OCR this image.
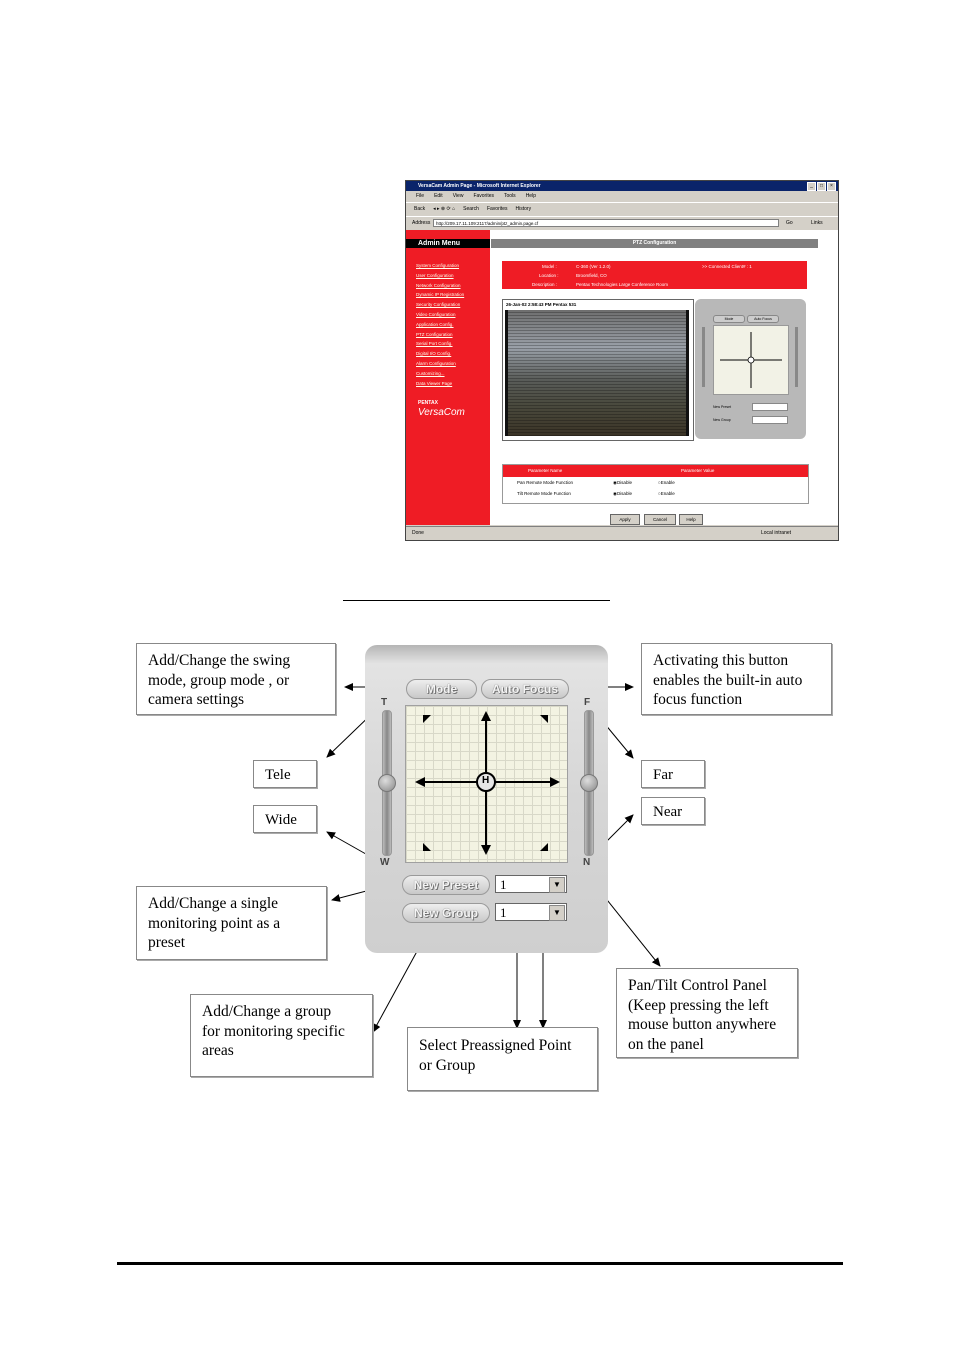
VersaCam Admin Page - Microsoft Internet Explorer	_	□	×
File Edit View Favorites Tools Help
Back ◂ ▸ ⊗ ⟳ ⌂ Search Favorites History
Address	http://209.17.11.109:2117/admin/ptz_admin.page.cf	Go	Links
Admin Menu
System Configuration
User Configuration
Network Configuration
Dynamic IP Registration
Security Configuration
Video Configuration
Application Config.
PTZ Configuration
Serial Port Config.
Digital I/O Config.
Alarm Configuration
Customizing...
Data Viewer Page
PENTAX
VersaCom
PTZ Configuration
Model :	C-360 (Ver 1.2.0)	>> Connected Client# : 1
Location :	Broomfield, CO
Description :	Pentax Technologies Large Conference Room
26-Jan-02 2:58:43 PM Pentax 531
Mode	Auto Focus
New Preset
New Group
Parameter Name	Parameter Value
Pan Remote Mode Function	◉ Disable	○ Enable
Tilt Remote Mode Function	◉ Disable	○ Enable
Apply	Cancel	Help
Done	Local intranet
Mode	Auto Focus
T
W
F
N
H
New Preset	1	▼
New Group	1	▼
Add/Change the swing
mode, group mode , or
camera settings
Activating this button
enables the built-in auto
focus function
Tele
Wide
Far
Near
Add/Change a single
monitoring point as a
preset
Add/Change a group
for monitoring specific
areas	Select Preassigned Point
or Group
Pan/Tilt Control Panel
(Keep pressing the left
mouse button anywhere
on the panel
